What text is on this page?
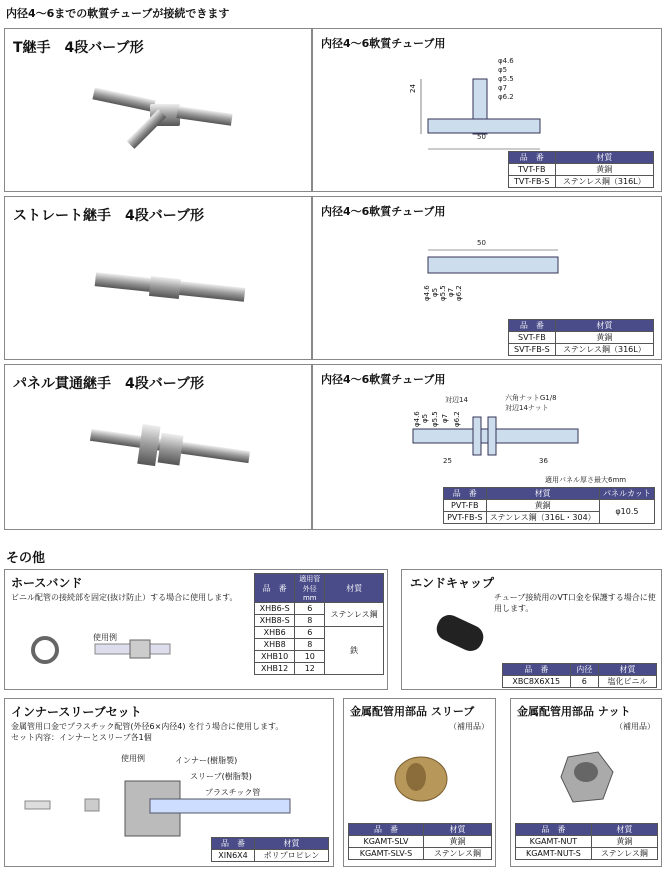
内径4～6までの軟質チューブが接続できます
T継手　4段バーブ形	内径4～6軟質チューブ用
24
50
φ4.6
φ5
φ5.5
φ7
φ6.2
品　番	材質
TVT-FB	黄銅
TVT-FB-S	ステンレス鋼（316L）
ストレート継手　4段バーブ形	内径4～6軟質チューブ用
50
φ4.6 φ5 φ5.5 φ7 φ6.2
品　番	材質
SVT-FB	黄銅
SVT-FB-S	ステンレス鋼（316L）
パネル貫通継手　4段バーブ形	内径4～6軟質チューブ用
φ4.6 φ5 φ5.5 φ7 φ6.2
対辺14	六角ナットG1/8
対辺14ナット
25	36
適用パネル厚さ最大6mm
品　番	材質	パネルカット
PVT-FB	黄銅	φ10.5
PVT-FB-S	ステンレス鋼（316L・304）	
その他
ホースバンド
ビニル配管の接続部を固定(抜け防止）する場合に使用します。
使用例
品　番	適用管外径mm	材質
XHB6-S	6	ステンレス鋼
XHB8-S	8	
XHB6	6	鉄
XHB8	8	
XHB10	10	
XHB12	12	
エンドキャップ
チューブ接続用のVT口金を保護する場合に使用します。
品　番	内径	材質
XBC8X6X15	6	塩化ビニル
インナースリーブセット
金属管用口金でプラスチック配管(外径6×内径4) を行う場合に使用します。
セット内容：インナーとスリーブ各1個
使用例	インナー(樹脂製)
スリーブ(樹脂製)
プラスチック管
品　番	材質
XIN6X4	ポリプロピレン
金属配管用部品 スリーブ
（補用品）
品　番	材質
KGAMT-SLV	黄銅
KGAMT-SLV-S	ステンレス鋼
金属配管用部品 ナット
（補用品）
品　番	材質
KGAMT-NUT	黄銅
KGAMT-NUT-S	ステンレス鋼
